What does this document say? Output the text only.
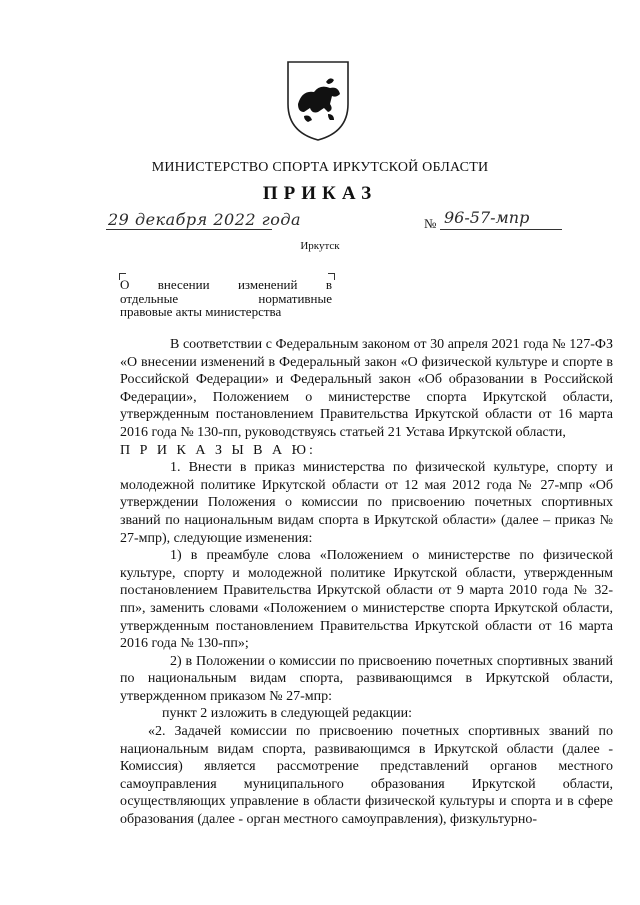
МИНИСТЕРСТВО СПОРТА ИРКУТСКОЙ ОБЛАСТИ
ПРИКАЗ
29 декабря 2022 года	№ 96-57-мпр
Иркутск
О внесении изменений в
отдельные нормативные
правовые акты министерства

В соответствии с Федеральным законом от 30 апреля 2021 года № 127-ФЗ «О внесении изменений в Федеральный закон «О физической культуре и спорте в Российской Федерации» и Федеральный закон «Об образовании в Российской Федерации», Положением о министерстве спорта Иркутской области, утвержденным постановлением Правительства Иркутской области от 16 марта 2016 года № 130-пп, руководствуясь статьей 21 Устава Иркутской области,

П Р И К А З Ы В А Ю:

1. Внести в приказ министерства по физической культуре, спорту и молодежной политике Иркутской области от 12 мая 2012 года № 27-мпр «Об утверждении Положения о комиссии по присвоению почетных спортивных званий по национальным видам спорта в Иркутской области» (далее – приказ № 27-мпр), следующие изменения:

1) в преамбуле слова «Положением о министерстве по физической культуре, спорту и молодежной политике Иркутской области, утвержденным постановлением Правительства Иркутской области от 9 марта 2010 года № 32-пп», заменить словами «Положением о министерстве спорта Иркутской области, утвержденным постановлением Правительства Иркутской области от 16 марта 2016 года № 130-пп»;

2) в Положении о комиссии по присвоению почетных спортивных званий по национальным видам спорта, развивающимся в Иркутской области, утвержденном приказом № 27-мпр:

пункт 2 изложить в следующей редакции:

«2. Задачей комиссии по присвоению почетных спортивных званий по национальным видам спорта, развивающимся в Иркутской области (далее - Комиссия) является рассмотрение представлений органов местного самоуправления муниципального образования Иркутской области, осуществляющих управление в области физической культуры и спорта и в сфере образования (далее - орган местного самоуправления), физкультурно-
